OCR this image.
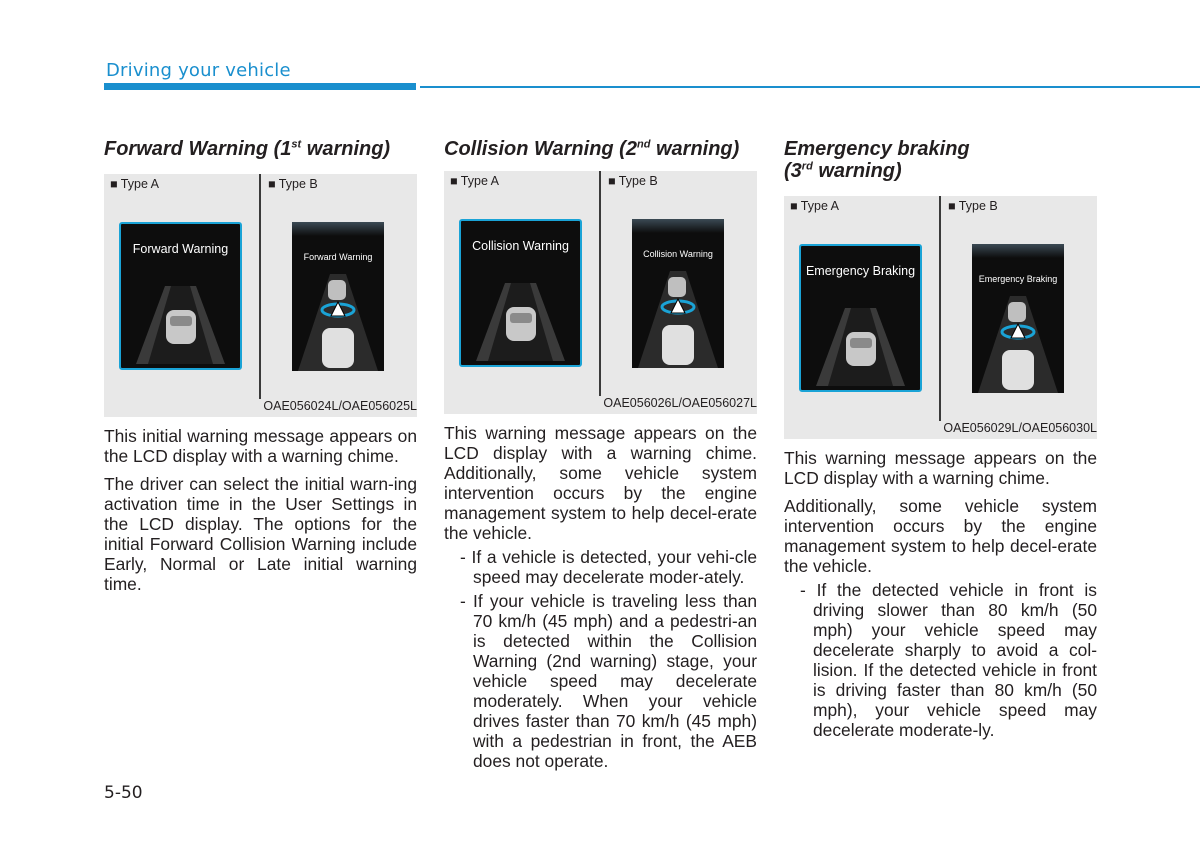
Driving your vehicle
Forward Warning (1st warning)
■ Type A	■ Type B
Forward Warning
Forward Warning
OAE056024L/OAE056025L

This initial warning message appears on the LCD display with a warning chime.

The driver can select the initial warn-ing activation time in the User Settings in the LCD display. The options for the initial Forward Collision Warning include Early, Normal or Late initial warning time.

Collision Warning (2nd warning)
■ Type A	■ Type B
Collision Warning
Collision Warning
OAE056026L/OAE056027L

This warning message appears on the LCD display with a warning chime. Additionally, some vehicle system intervention occurs by the engine management system to help decel-erate the vehicle.

- If a vehicle is detected, your vehi-cle speed may decelerate moder-ately.

- If your vehicle is traveling less than 70 km/h (45 mph) and a pedestri-an is detected within the Collision Warning (2nd warning) stage, your vehicle speed may decelerate moderately. When your vehicle drives faster than 70 km/h (45 mph) with a pedestrian in front, the AEB does not operate.

Emergency braking
(3rd warning)
■ Type A	■ Type B
Emergency Braking
Emergency Braking
OAE056029L/OAE056030L

This warning message appears on the LCD display with a warning chime.

Additionally, some vehicle system intervention occurs by the engine management system to help decel-erate the vehicle.

- If the detected vehicle in front is driving slower than 80 km/h (50 mph) your vehicle speed may decelerate sharply to avoid a col-lision. If the detected vehicle in front is driving faster than 80 km/h (50 mph), your vehicle speed may decelerate moderate-ly.

5-50
